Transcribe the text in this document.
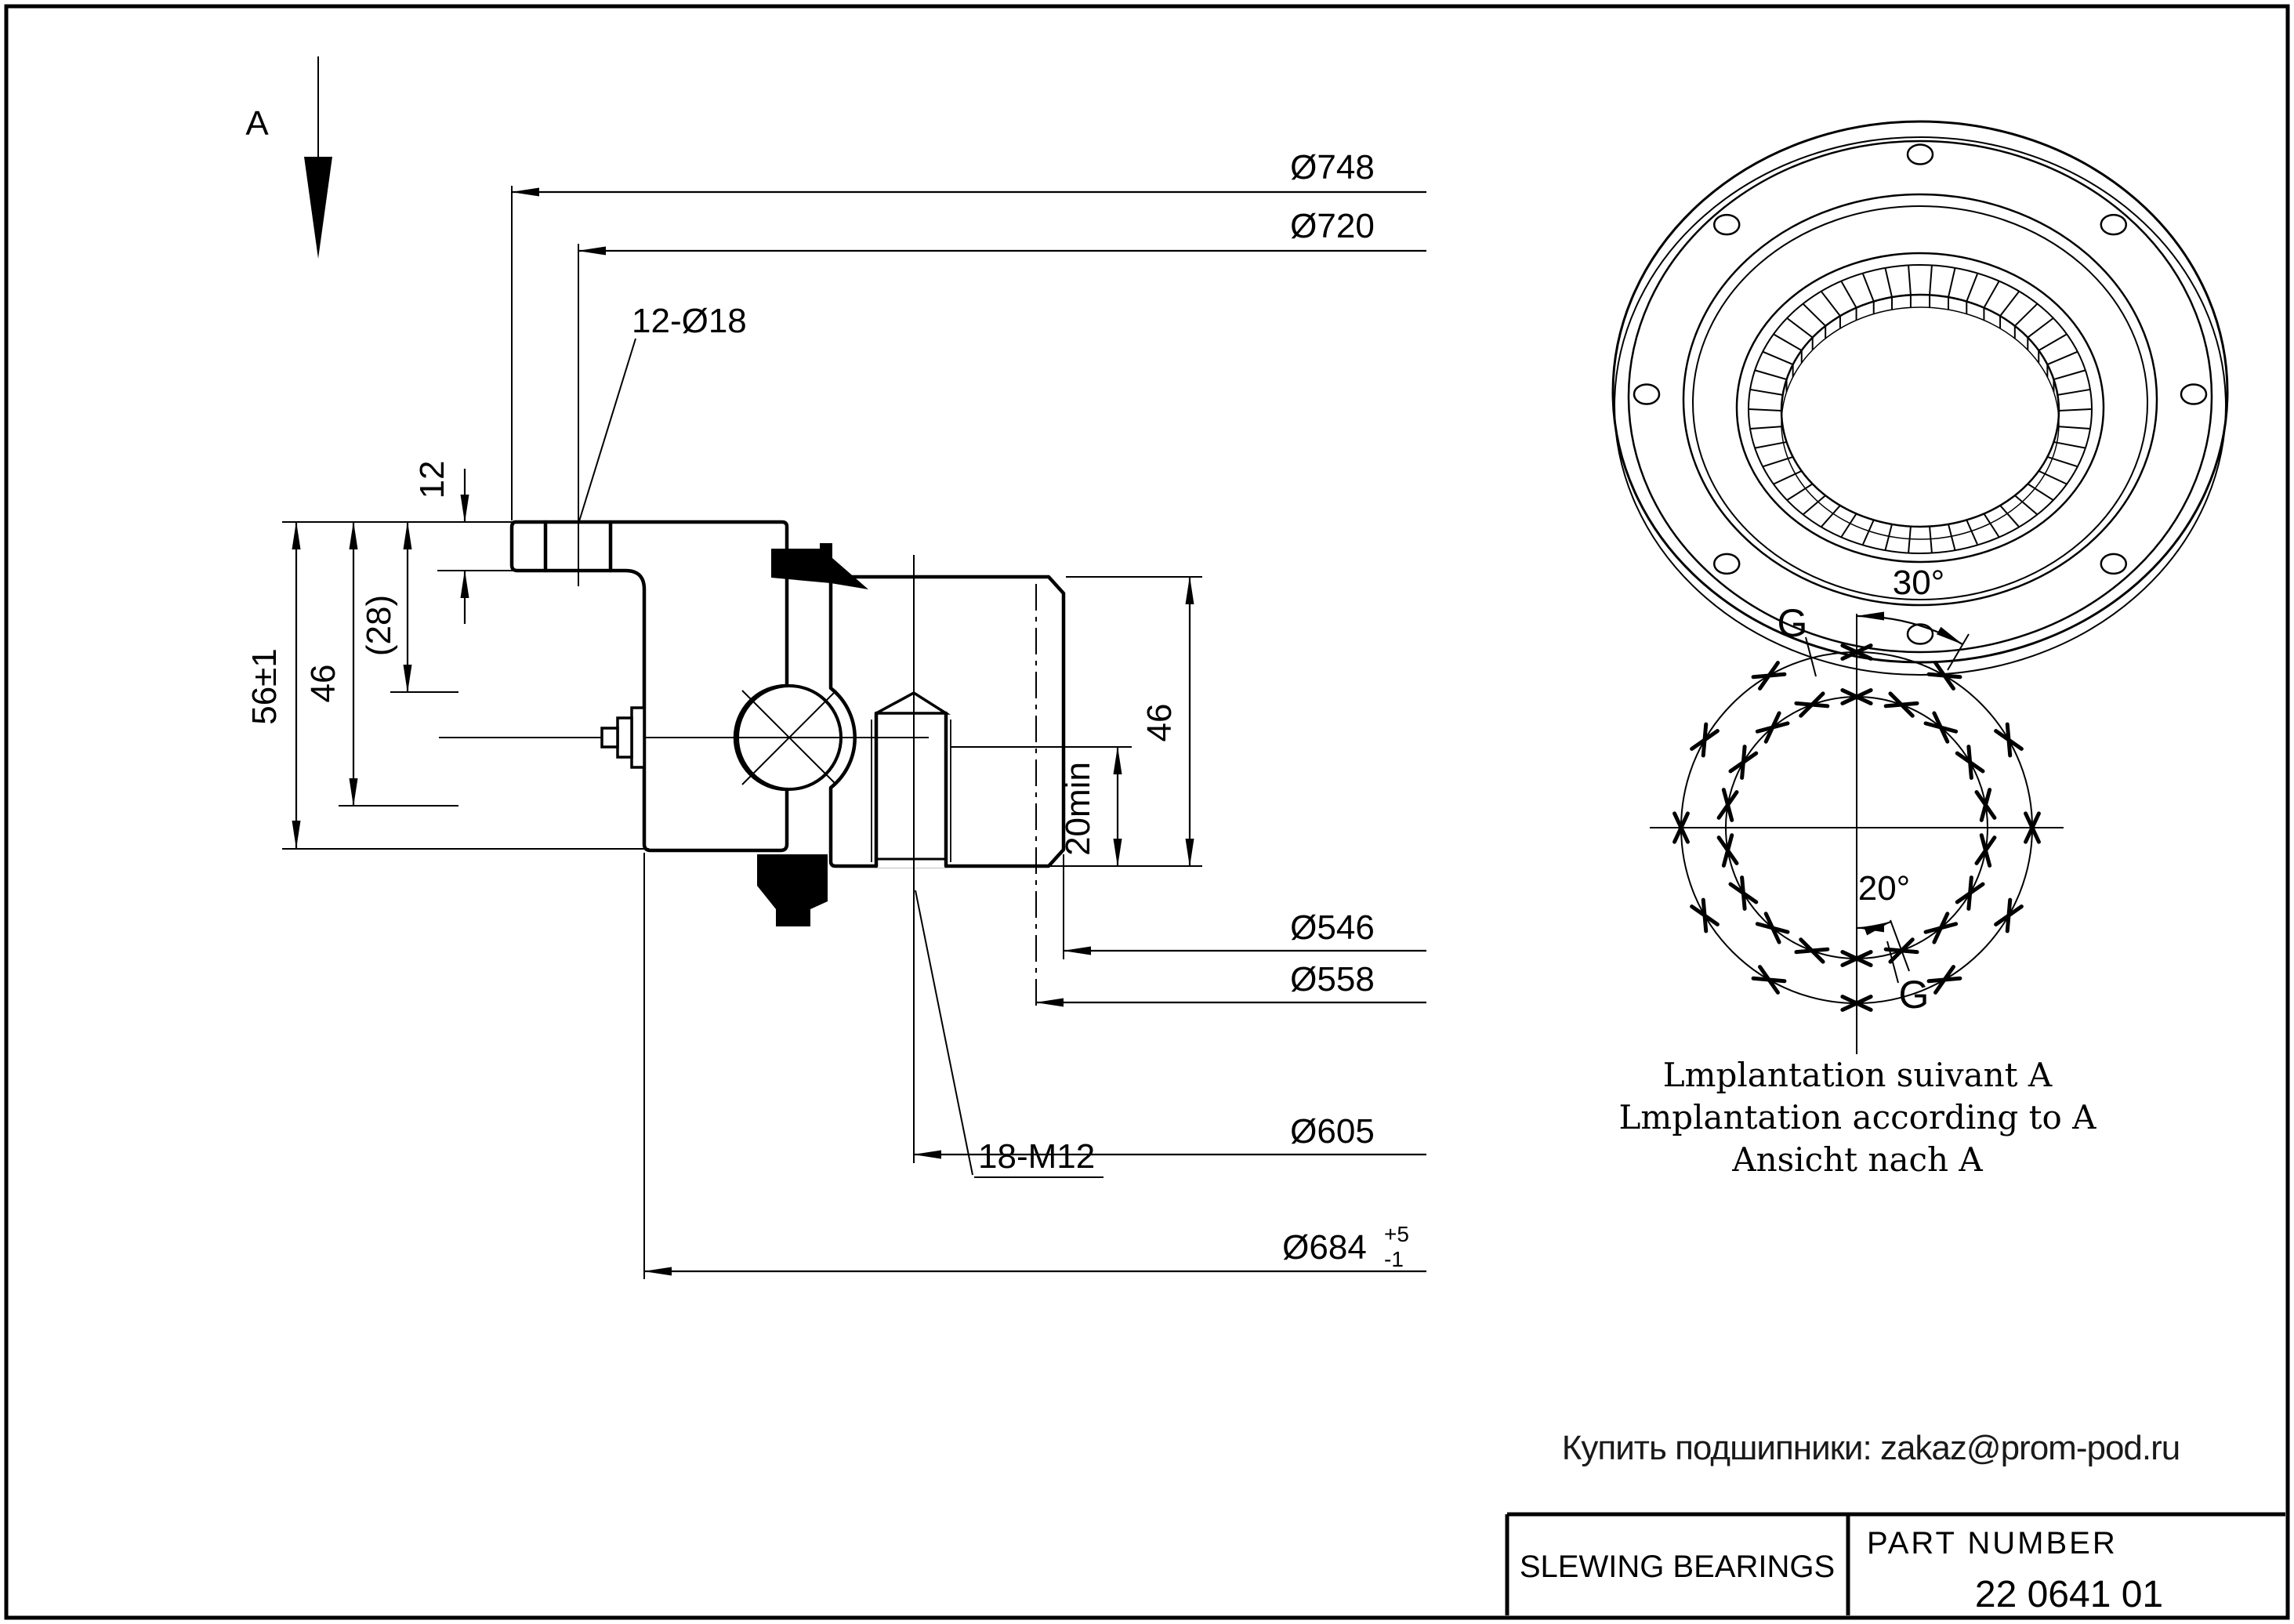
A
Ø748
Ø720
12-Ø18
12
56±1 46
(28)
20min
46
Ø546
Ø558
18-M12
Ø605
Ø684 +5
-1
30°
20°
G
G
Lmplantation suivant A
Lmplantation according to A
Ansicht nach A
Купить подшипники: zakaz@prom-pod.ru
SLEWING BEARINGS
PART NUMBER
22 0641 01
